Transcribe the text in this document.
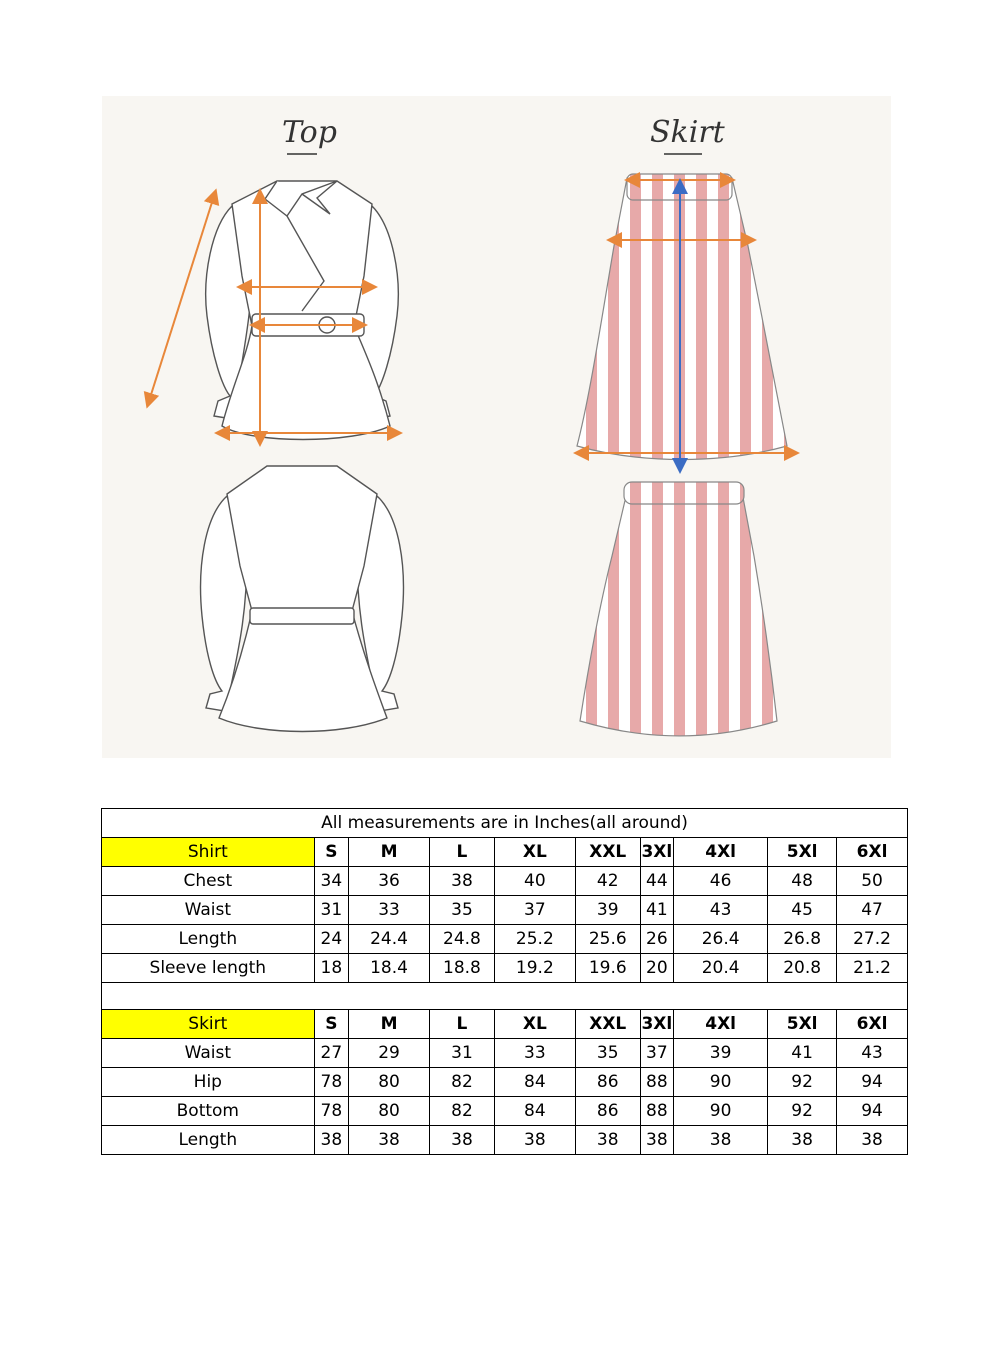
Top	Skirt
All measurements are in Inches(all around)									
Shirt	S	M	L	XL	XXL	3Xl	4Xl	5Xl	6Xl
Chest	34	36	38	40	42	44	46	48	50
Waist	31	33	35	37	39	41	43	45	47
Length	24	24.4	24.8	25.2	25.6	26	26.4	26.8	27.2
Sleeve length	18	18.4	18.8	19.2	19.6	20	20.4	20.8	21.2

Skirt	S	M	L	XL	XXL	3Xl	4Xl	5Xl	6Xl
Waist	27	29	31	33	35	37	39	41	43
Hip	78	80	82	84	86	88	90	92	94
Bottom	78	80	82	84	86	88	90	92	94
Length	38	38	38	38	38	38	38	38	38
